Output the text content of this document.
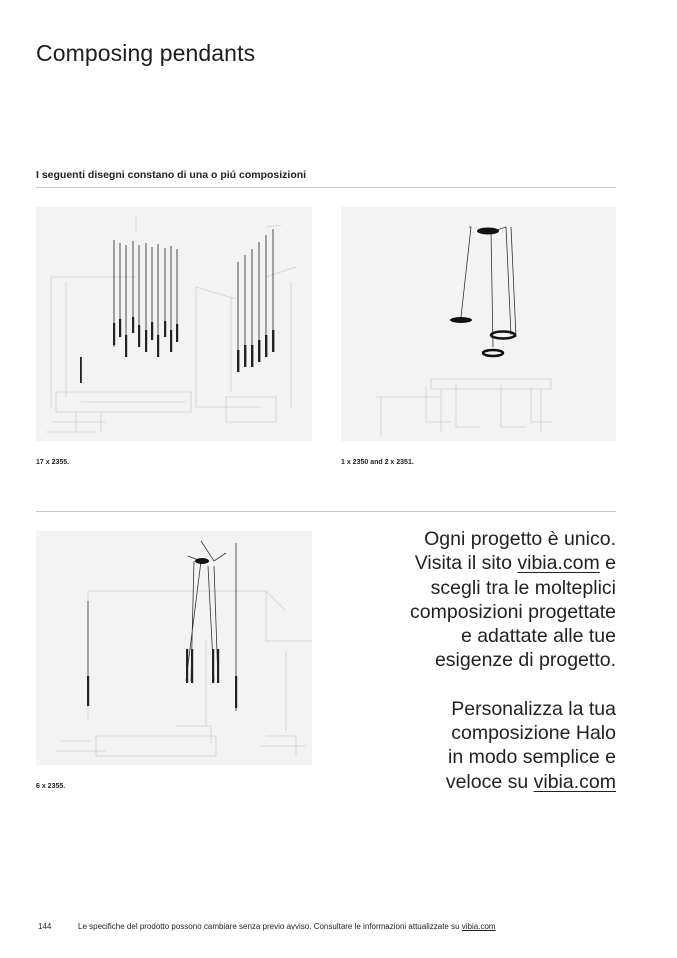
Composing pendants
I seguenti disegni constano di una o piú composizioni
17 x 2355.	1 x 2350 and 2 x 2351.
6 x 2355.

Ogni progetto è unico.
Visita il sito vibia.com e
scegli tra le molteplici
composizioni progettate
e adattate alle tue
esigenze di progetto.

Personalizza la tua
composizione Halo
in modo semplice e
veloce su vibia.com

144	Le specifiche del prodotto possono cambiare senza previo avviso. Consultare le informazioni attualizzate su vibia.com
